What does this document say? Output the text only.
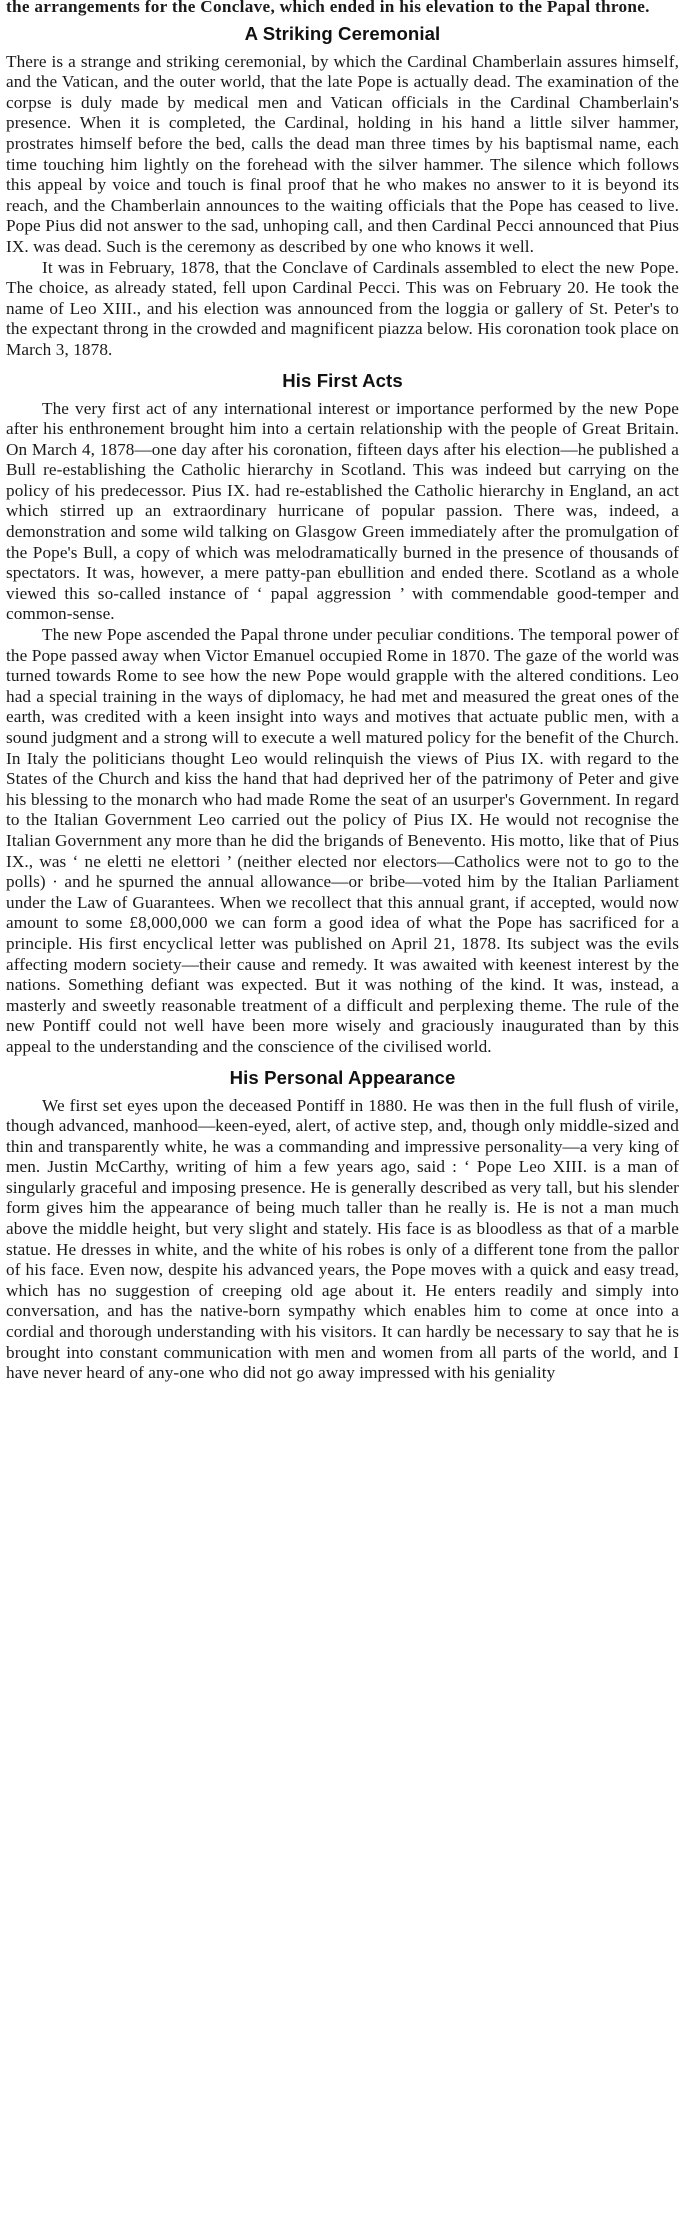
the arrangements for the Conclave, which ended in his elevation to the Papal throne.

A Striking Ceremonial

There is a strange and striking ceremonial, by which the Cardinal Chamberlain assures himself, and the Vatican, and the outer world, that the late Pope is actually dead. The examination of the corpse is duly made by medical men and Vatican officials in the Cardinal Chamberlain's presence. When it is completed, the Cardinal, holding in his hand a little silver hammer, prostrates himself before the bed, calls the dead man three times by his baptismal name, each time touching him lightly on the forehead with the silver hammer. The silence which follows this appeal by voice and touch is final proof that he who makes no answer to it is beyond its reach, and the Chamberlain announces to the waiting officials that the Pope has ceased to live. Pope Pius did not answer to the sad, unhoping call, and then Cardinal Pecci announced that Pius IX. was dead. Such is the ceremony as described by one who knows it well.

It was in February, 1878, that the Conclave of Cardinals assembled to elect the new Pope. The choice, as already stated, fell upon Cardinal Pecci. This was on February 20. He took the name of Leo XIII., and his election was announced from the loggia or gallery of St. Peter's to the expectant throng in the crowded and magnificent piazza below. His coronation took place on March 3, 1878.

His First Acts

The very first act of any international interest or importance performed by the new Pope after his enthronement brought him into a certain relationship with the people of Great Britain. On March 4, 1878—one day after his coronation, fifteen days after his election—he published a Bull re-establishing the Catholic hierarchy in Scotland. This was indeed but carrying on the policy of his predecessor. Pius IX. had re-established the Catholic hierarchy in England, an act which stirred up an extraordinary hurricane of popular passion. There was, indeed, a demonstration and some wild talking on Glasgow Green immediately after the promulgation of the Pope's Bull, a copy of which was melodramatically burned in the presence of thousands of spectators. It was, however, a mere patty-pan ebullition and ended there. Scotland as a whole viewed this so-called instance of ‘ papal aggression ’ with commendable good-temper and common-sense.

The new Pope ascended the Papal throne under peculiar conditions. The temporal power of the Pope passed away when Victor Emanuel occupied Rome in 1870. The gaze of the world was turned towards Rome to see how the new Pope would grapple with the altered conditions. Leo had a special training in the ways of diplomacy, he had met and measured the great ones of the earth, was credited with a keen insight into ways and motives that actuate public men, with a sound judgment and a strong will to execute a well matured policy for the benefit of the Church. In Italy the politicians thought Leo would relinquish the views of Pius IX. with regard to the States of the Church and kiss the hand that had deprived her of the patrimony of Peter and give his blessing to the monarch who had made Rome the seat of an usurper's Government. In regard to the Italian Government Leo carried out the policy of Pius IX. He would not recognise the Italian Government any more than he did the brigands of Benevento. His motto, like that of Pius IX., was ‘ ne eletti ne elettori ’ (neither elected nor electors—Catholics were not to go to the polls) · and he spurned the annual allowance—or bribe—voted him by the Italian Parliament under the Law of Guarantees. When we recollect that this annual grant, if accepted, would now amount to some £8,000,000 we can form a good idea of what the Pope has sacrificed for a principle. His first encyclical letter was published on April 21, 1878. Its subject was the evils affecting modern society—their cause and remedy. It was awaited with keenest interest by the nations. Something defiant was expected. But it was nothing of the kind. It was, instead, a masterly and sweetly reasonable treatment of a difficult and perplexing theme. The rule of the new Pontiff could not well have been more wisely and graciously inaugurated than by this appeal to the understanding and the conscience of the civilised world.

His Personal Appearance

We first set eyes upon the deceased Pontiff in 1880. He was then in the full flush of virile, though advanced, manhood—keen-eyed, alert, of active step, and, though only middle-sized and thin and transparently white, he was a commanding and impressive personality—a very king of men. Justin McCarthy, writing of him a few years ago, said : ‘ Pope Leo XIII. is a man of singularly graceful and imposing presence. He is generally described as very tall, but his slender form gives him the appearance of being much taller than he really is. He is not a man much above the middle height, but very slight and stately. His face is as bloodless as that of a marble statue. He dresses in white, and the white of his robes is only of a different tone from the pallor of his face. Even now, despite his advanced years, the Pope moves with a quick and easy tread, which has no suggestion of creeping old age about it. He enters readily and simply into conversation, and has the native-born sympathy which enables him to come at once into a cordial and thorough understanding with his visitors. It can hardly be necessary to say that he is brought into constant communication with men and women from all parts of the world, and I have never heard of any-one who did not go away impressed with his geniality
